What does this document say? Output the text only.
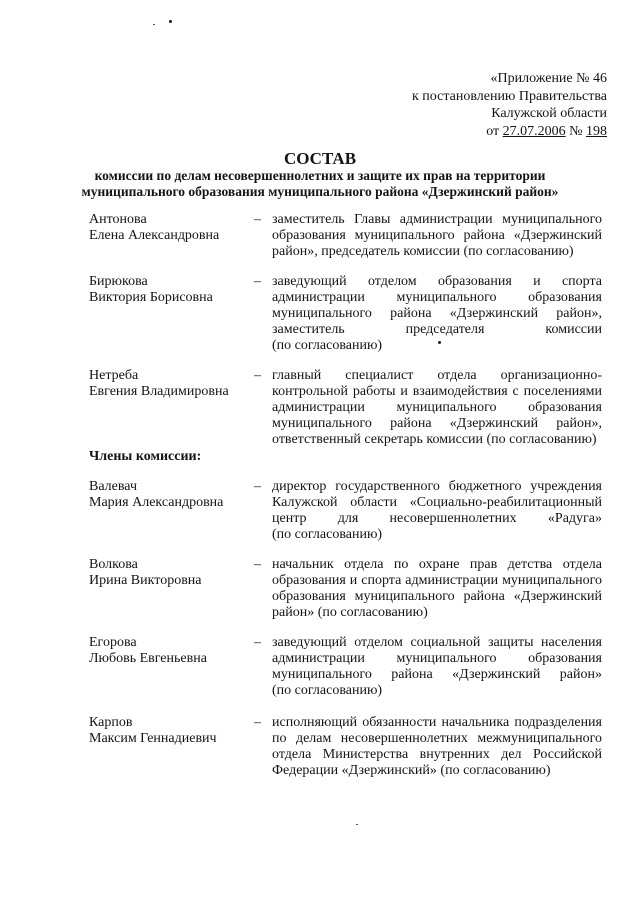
«Приложение № 46
к постановлению Правительства
Калужской области
от 27.07.2006 № 198
СОСТАВ
комиссии по делам несовершеннолетних и защите их прав на территории
муниципального образования муниципального района «Дзержинский район»
Антонова
Елена Александровна
– заместитель Главы администрации муниципального
образования муниципального района «Дзержинский
район», председатель комиссии (по согласованию)
Бирюкова
Виктория Борисовна
– заведующий отделом образования и спорта
администрации муниципального образования
муниципального района «Дзержинский район»,
заместитель председателя комиссии
(по согласованию)
Нетреба
Евгения Владимировна
– главный специалист отдела организационно-
контрольной работы и взаимодействия с поселениями
администрации муниципального образования
муниципального района «Дзержинский район»,
ответственный секретарь комиссии (по согласованию)
Члены комиссии:
Валевач
Мария Александровна
– директор государственного бюджетного учреждения
Калужской области «Социально-реабилитационный
центр для несовершеннолетних «Радуга»
(по согласованию)
Волкова
Ирина Викторовна
– начальник отдела по охране прав детства отдела
образования и спорта администрации муниципального
образования муниципального района «Дзержинский
район» (по согласованию)
Егорова
Любовь Евгеньевна
– заведующий отделом социальной защиты населения
администрации муниципального образования
муниципального района «Дзержинский район»
(по согласованию)
Карпов
Максим Геннадиевич
– исполняющий обязанности начальника подразделения
по делам несовершеннолетних межмуниципального
отдела Министерства внутренних дел Российской
Федерации «Дзержинский» (по согласованию)
